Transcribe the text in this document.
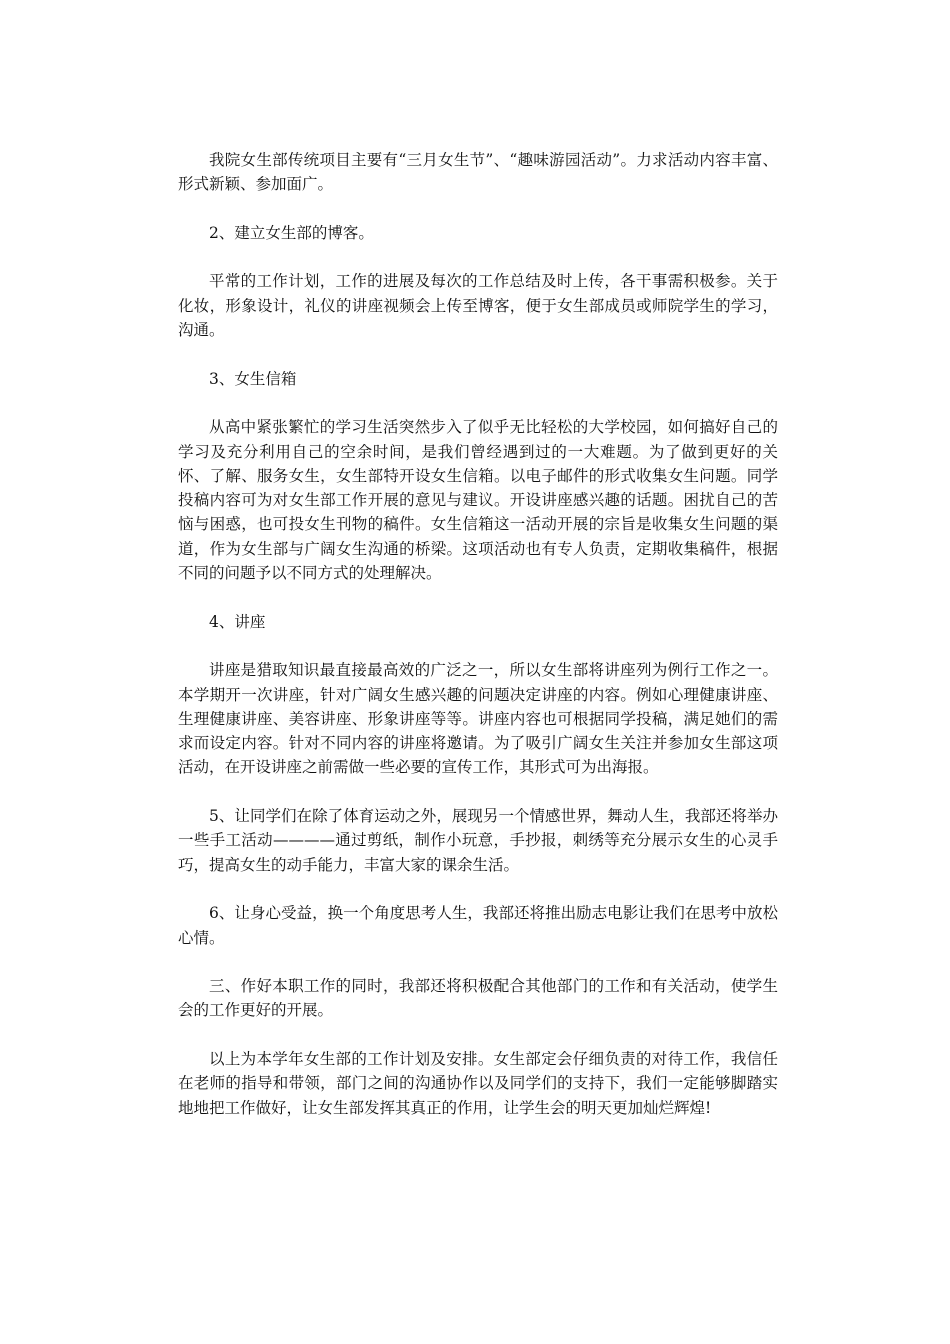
我院女生部传统项目主要有“三月女生节”、“趣味游园活动”。力求活动内容丰富、形式新颖、参加面广。

2、建立女生部的博客。

平常的工作计划，工作的进展及每次的工作总结及时上传，各干事需积极参。关于化妆，形象设计，礼仪的讲座视频会上传至博客，便于女生部成员或师院学生的学习，沟通。

3、女生信箱

从高中紧张繁忙的学习生活突然步入了似乎无比轻松的大学校园，如何搞好自己的学习及充分利用自己的空余时间，是我们曾经遇到过的一大难题。为了做到更好的关怀、了解、服务女生，女生部特开设女生信箱。以电子邮件的形式收集女生问题。同学投稿内容可为对女生部工作开展的意见与建议。开设讲座感兴趣的话题。困扰自己的苦恼与困惑，也可投女生刊物的稿件。女生信箱这一活动开展的宗旨是收集女生问题的渠道，作为女生部与广阔女生沟通的桥梁。这项活动也有专人负责，定期收集稿件，根据不同的问题予以不同方式的处理解决。

4、讲座

讲座是猎取知识最直接最高效的广泛之一，所以女生部将讲座列为例行工作之一。本学期开一次讲座，针对广阔女生感兴趣的问题决定讲座的内容。例如心理健康讲座、生理健康讲座、美容讲座、形象讲座等等。讲座内容也可根据同学投稿，满足她们的需求而设定内容。针对不同内容的讲座将邀请。为了吸引广阔女生关注并参加女生部这项活动，在开设讲座之前需做一些必要的宣传工作，其形式可为出海报。

5、让同学们在除了体育运动之外，展现另一个情感世界，舞动人生，我部还将举办一些手工活动————通过剪纸，制作小玩意，手抄报，刺绣等充分展示女生的心灵手巧，提高女生的动手能力，丰富大家的课余生活。

6、让身心受益，换一个角度思考人生，我部还将推出励志电影让我们在思考中放松心情。

三、作好本职工作的同时，我部还将积极配合其他部门的工作和有关活动，使学生会的工作更好的开展。

以上为本学年女生部的工作计划及安排。女生部定会仔细负责的对待工作，我信任在老师的指导和带领，部门之间的沟通协作以及同学们的支持下，我们一定能够脚踏实地地把工作做好，让女生部发挥其真正的作用，让学生会的明天更加灿烂辉煌!
